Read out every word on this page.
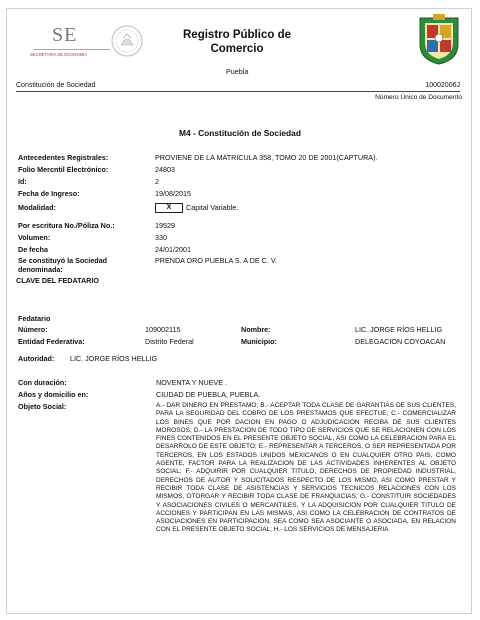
SE
SECRETARÍA DE ECONOMÍA
Registro Público de
Comercio
Puebla
Constitución de Sociedad	10002006J
Número Único de Documento
M4 - Constitución de Sociedad
Antecedentes Registrales:	PROVIENE DE LA MATRICULA 358, TOMO 20 DE 2001(CAPTURA).
Folio Mercntil Electrónico:	24803
Id:	2
Fecha de Ingreso:	19/08/2015
Modalidad:	X	Capital Variable.
Por escritura No./Póliza No.:	19529
Volumen:	330
De fecha	24/01/2001
Se constituyó la Sociedad
denominada:
PRENDA ORO PUEBLA S. A DE C. V.
CLAVE DEL FEDATARIO
Fedatario
Número:	109002115	Nombre:	LIC. JORGE RÍOS HELLIG
Entidad Federativa:	Distrito Federal	Municipio:	DELEGACION COYOACAN
Autoridad: LIC. JORGE RÍOS HELLIG
Con duración:	NOVENTA Y NUEVE .
Años y domicilio en:	CIUDAD DE PUEBLA, PUEBLA.
Objeto Social:	A.- DAR DINERO EN PRESTAMO; B.- ACEPTAR TODA CLASE DE GARANTIAS DE SUS CLIENTES, PARA LA SEGURIDAD DEL COBRO DE LOS PRESTAMOS QUE EFECTUE; C.- COMERCIALIZAR LOS BINES QUE POR DACION EN PAGO O ADJUDICACION RECIBA DE SUS CLIENTES MOROSOS; D.- LA PRESTACION DE TODO TIPO DE SERVICIOS QUE SE RELACIONEN CON LOS FINES CONTENIDOS EN EL PRESENTE OBJETO SOCIAL, ASI COMO LA CELEBRACION PARA EL DESARROLO DE ESTE OBJETO; E.- REPRESENTAR A TERCEROS, O SER REPRESENTADA POR TERCEROS, EN LOS ESTADOS UNIDOS MEXICANOS O EN CUALQUIER OTRO PAIS, COMO AGENTE, FACTOR PARA LA REALIZACION DE LAS ACTIVIDADES INHERENTES AL OBJETO SOCIAL; F.- ADQUIRIR POR CUALQUIER TITULO, DERECHOS DE PROPIEDAD INDUSTRIAL, DERECHOS DE AUTOR Y SOLICITADOS RESPECTO DE LOS MISMO, ASI COMO PRESTAR Y RECIBIR TODA CLASE DE ASISTENCIAS Y SERVICIOS TECNICOS RELACIONES CON LOS MISMOS, OTORGAR Y RECIBIR TODA CLASE DE FRANQUICIAS; G.- CONSTITUIR SOCIEDADES Y ASOCIACIONES CIVILES O MERCANTILES, Y LA ADQUISICION POR CUALQUIER TITULO DE ACCIONES Y PARTICIPAN EN LAS MISMAS, ASI COMO LA CELEBRACION DE CONTRATOS DE ASOCIACIONES EN PARTICIPACION, SEA COMO SEA ASOCIANTE O ASOCIADA, EN RELACION CON EL PRESENTE OBJETO SOCIAL; H.- LOS SERVICIOS DE MENSAJERIA
